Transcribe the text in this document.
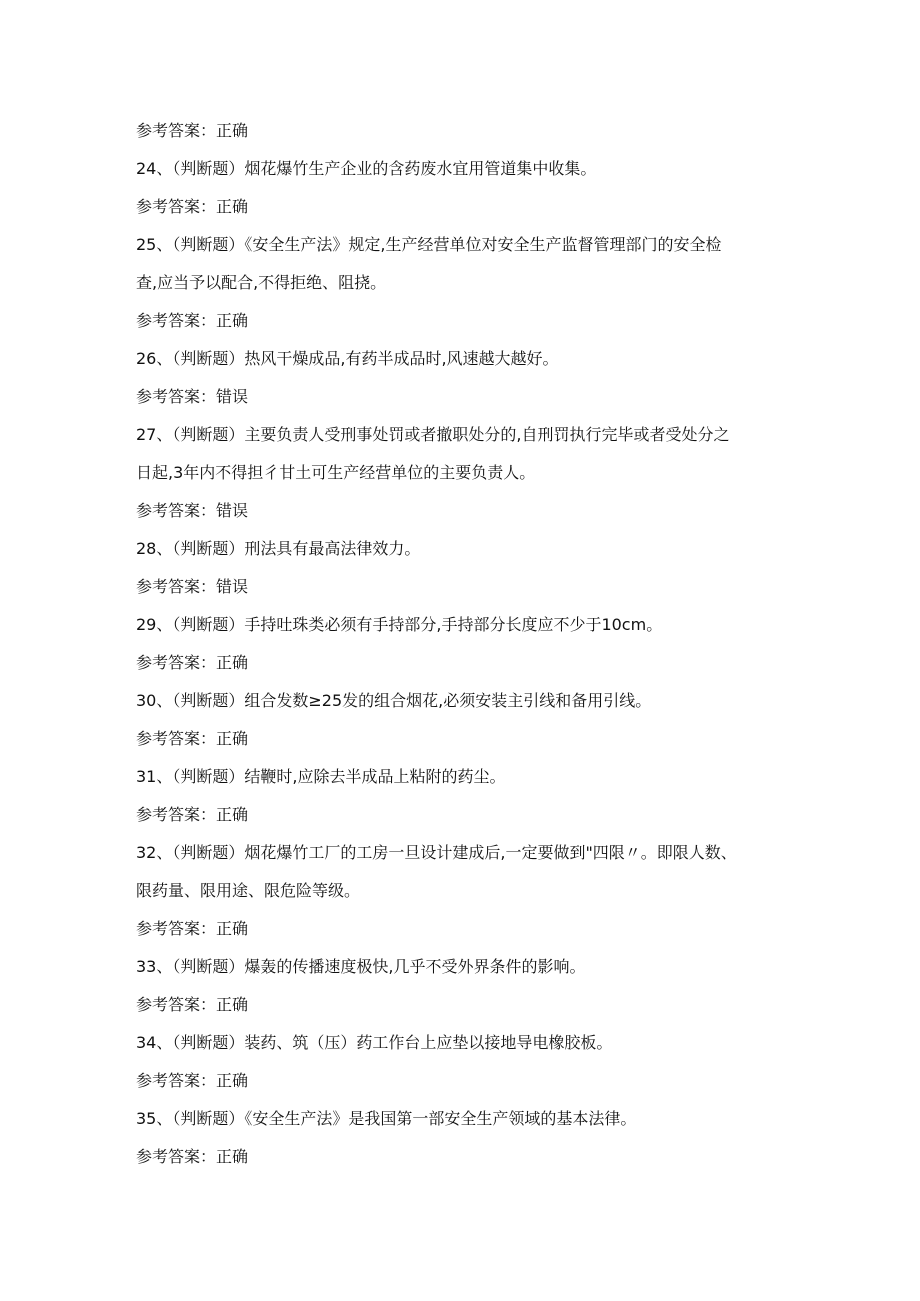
参考答案：正确
24、（判断题）烟花爆竹生产企业的含药废水宜用管道集中收集。
参考答案：正确
25、（判断题）《安全生产法》规定,生产经营单位对安全生产监督管理部门的安全检
查,应当予以配合,不得拒绝、阻挠。
参考答案：正确
26、（判断题）热风干燥成品,有药半成品时,风速越大越好。
参考答案：错误
27、（判断题）主要负责人受刑事处罚或者撤职处分的,自刑罚执行完毕或者受处分之
日起,3年内不得担彳甘土可生产经营单位的主要负责人。
参考答案：错误
28、（判断题）刑法具有最高法律效力。
参考答案：错误
29、（判断题）手持吐珠类必须有手持部分,手持部分长度应不少于10cm。
参考答案：正确
30、（判断题）组合发数≥25发的组合烟花,必须安装主引线和备用引线。
参考答案：正确
31、（判断题）结鞭时,应除去半成品上粘附的药尘。
参考答案：正确
32、（判断题）烟花爆竹工厂的工房一旦设计建成后,一定要做到"四限〃。即限人数、
限药量、限用途、限危险等级。
参考答案：正确
33、（判断题）爆轰的传播速度极快,几乎不受外界条件的影响。
参考答案：正确
34、（判断题）装药、筑（压）药工作台上应垫以接地导电橡胶板。
参考答案：正确
35、（判断题）《安全生产法》是我国第一部安全生产领域的基本法律。
参考答案：正确
